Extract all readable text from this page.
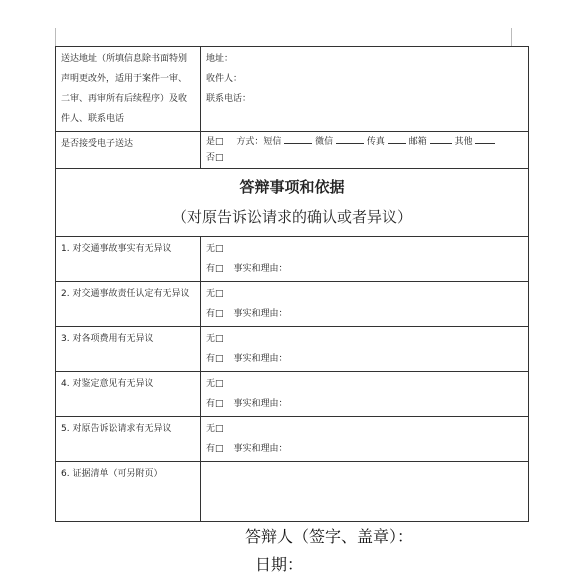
送达地址（所填信息除书面特别
声明更改外，适用于案件一审、
二审、再审所有后续程序）及收
件人、联系电话	地址：
收件人：
联系电话：

是否接受电子送达	是□ 方式：短信 微信 传真 邮箱 其他
否□

答辩事项和依据
（对原告诉讼请求的确认或者异议）	

1. 对交通事故事实有无异议	无□
有□ 事实和理由：

2. 对交通事故责任认定有无异议	无□
有□ 事实和理由：

3. 对各项费用有无异议	无□
有□ 事实和理由：

4. 对鉴定意见有无异议	无□
有□ 事实和理由：

5. 对原告诉讼请求有无异议	无□
有□ 事实和理由：

6. 证据清单（可另附页）	
答辩人（签字、盖章）：
日期：
